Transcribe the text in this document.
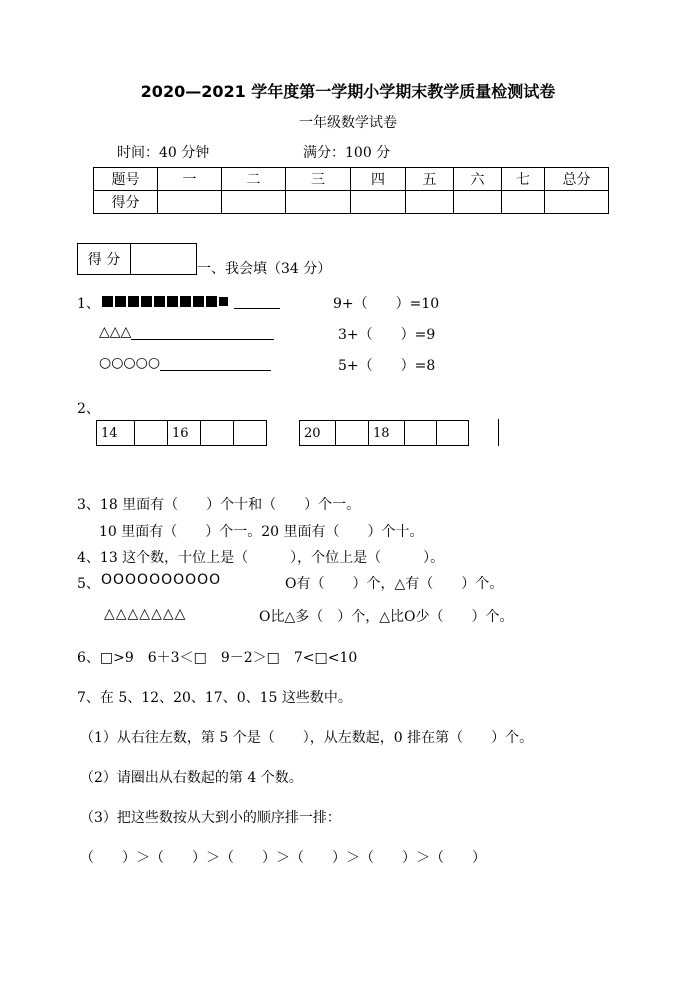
2020—2021 学年度第一学期小学期末教学质量检测试卷
一年级数学试卷
时间：40 分钟	满分：100 分
题号	一	二	三	四	五	六	七	总分
得分								
得 分
一、我会填（34 分）
1、
	9+（　　）=10
△△△	3+（　　）=9
○○○○○	5+（　　）=8
2、
14		16			20		18		
3、18 里面有（　　）个十和（　　）个一。
10 里面有（　　）个一。20 里面有（　　）个十。
4、13 这个数，十位上是（　　　），个位上是（　　　）。
5、 OOOOOOOOOO	O有（　　）个，△有（　　）个。
△△△△△△△	O比△多（　）个，△比O少（　　）个。
6、□>9　6＋3＜□　9－2＞□　7<□<10
7、在 5、12、20、17、0、15 这些数中。
（1）从右往左数，第 5 个是（　　），从左数起，0 排在第（　　）个。
（2）请圈出从右数起的第 4 个数。
（3）把这些数按从大到小的顺序排一排：
（　　）＞（　　）＞（　　）＞（　　）＞（　　）＞（　　）
